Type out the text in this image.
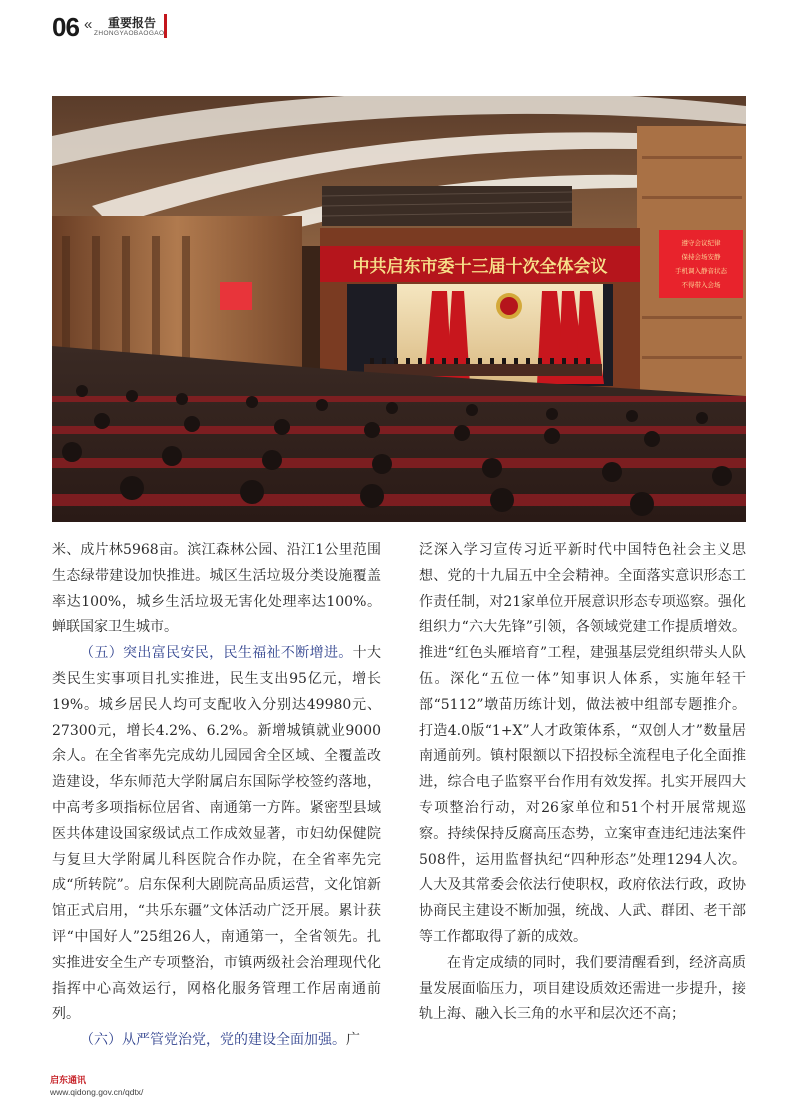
06 « 重要报告
ZHONGYAOBAOGAO
中共启东市委十三届十次全体会议
遵守会议纪律
保持会场安静
手机调入静音状态
不得带入会场

米、成片林5968亩。滨江森林公园、沿江1公里范围生态绿带建设加快推进。城区生活垃圾分类设施覆盖率达100%，城乡生活垃圾无害化处理率达100%。蝉联国家卫生城市。

（五）突出富民安民，民生福祉不断增进。十大类民生实事项目扎实推进，民生支出95亿元，增长19%。城乡居民人均可支配收入分别达49980元、27300元，增长4.2%、6.2%。新增城镇就业9000余人。在全省率先完成幼儿园园舍全区域、全覆盖改造建设，华东师范大学附属启东国际学校签约落地，中高考多项指标位居省、南通第一方阵。紧密型县域医共体建设国家级试点工作成效显著，市妇幼保健院与复旦大学附属儿科医院合作办院，在全省率先完成“所转院”。启东保利大剧院高品质运营，文化馆新馆正式启用，“共乐东疆”文体活动广泛开展。累计获评“中国好人”25组26人，南通第一，全省领先。扎实推进安全生产专项整治，市镇两级社会治理现代化指挥中心高效运行，网格化服务管理工作居南通前列。

（六）从严管党治党，党的建设全面加强。广

泛深入学习宣传习近平新时代中国特色社会主义思想、党的十九届五中全会精神。全面落实意识形态工作责任制，对21家单位开展意识形态专项巡察。强化组织力“六大先锋”引领，各领域党建工作提质增效。推进“红色头雁培育”工程，建强基层党组织带头人队伍。深化“五位一体”知事识人体系，实施年轻干部“5112”墩苗历练计划，做法被中组部专题推介。打造4.0版“1+X”人才政策体系，“双创人才”数量居南通前列。镇村限额以下招投标全流程电子化全面推进，综合电子监察平台作用有效发挥。扎实开展四大专项整治行动，对26家单位和51个村开展常规巡察。持续保持反腐高压态势，立案审查违纪违法案件508件，运用监督执纪“四种形态”处理1294人次。人大及其常委会依法行使职权，政府依法行政，政协协商民主建设不断加强，统战、人武、群团、老干部等工作都取得了新的成效。

在肯定成绩的同时，我们要清醒看到，经济高质量发展面临压力，项目建设质效还需进一步提升，接轨上海、融入长三角的水平和层次还不高；

启东通讯
www.qidong.gov.cn/qdtx/
